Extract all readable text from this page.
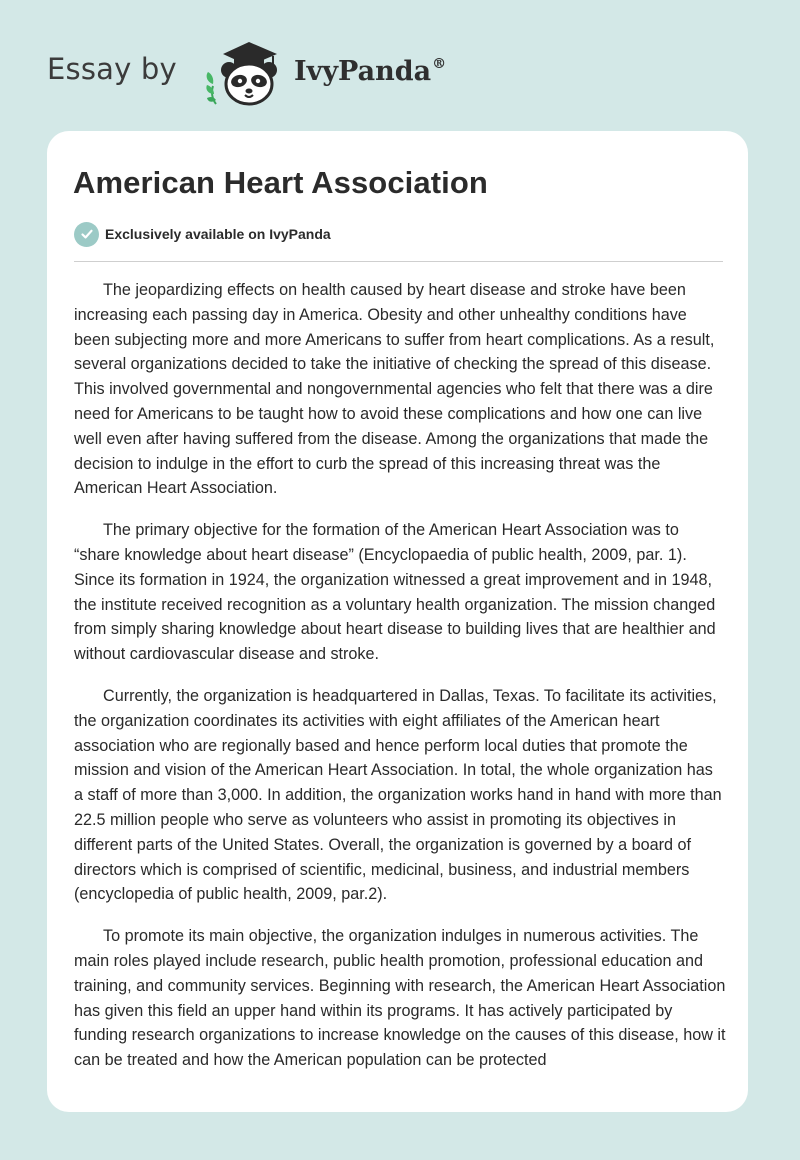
Essay by	IvyPanda®
American Heart Association
Exclusively available on IvyPanda

The jeopardizing effects on health caused by heart disease and stroke have been increasing each passing day in America. Obesity and other unhealthy conditions have been subjecting more and more Americans to suffer from heart complications. As a result, several organizations decided to take the initiative of checking the spread of this disease. This involved governmental and nongovernmental agencies who felt that there was a dire need for Americans to be taught how to avoid these complications and how one can live well even after having suffered from the disease. Among the organizations that made the decision to indulge in the effort to curb the spread of this increasing threat was the American Heart Association.

The primary objective for the formation of the American Heart Association was to “share knowledge about heart disease” (Encyclopaedia of public health, 2009, par. 1). Since its formation in 1924, the organization witnessed a great improvement and in 1948, the institute received recognition as a voluntary health organization. The mission changed from simply sharing knowledge about heart disease to building lives that are healthier and without cardiovascular disease and stroke.

Currently, the organization is headquartered in Dallas, Texas. To facilitate its activities, the organization coordinates its activities with eight affiliates of the American heart association who are regionally based and hence perform local duties that promote the mission and vision of the American Heart Association. In total, the whole organization has a staff of more than 3,000. In addition, the organization works hand in hand with more than 22.5 million people who serve as volunteers who assist in promoting its objectives in different parts of the United States. Overall, the organization is governed by a board of directors which is comprised of scientific, medicinal, business, and industrial members (encyclopedia of public health, 2009, par.2).

To promote its main objective, the organization indulges in numerous activities. The main roles played include research, public health promotion, professional education and training, and community services. Beginning with research, the American Heart Association has given this field an upper hand within its programs. It has actively participated by funding research organizations to increase knowledge on the causes of this disease, how it can be treated and how the American population can be protected
